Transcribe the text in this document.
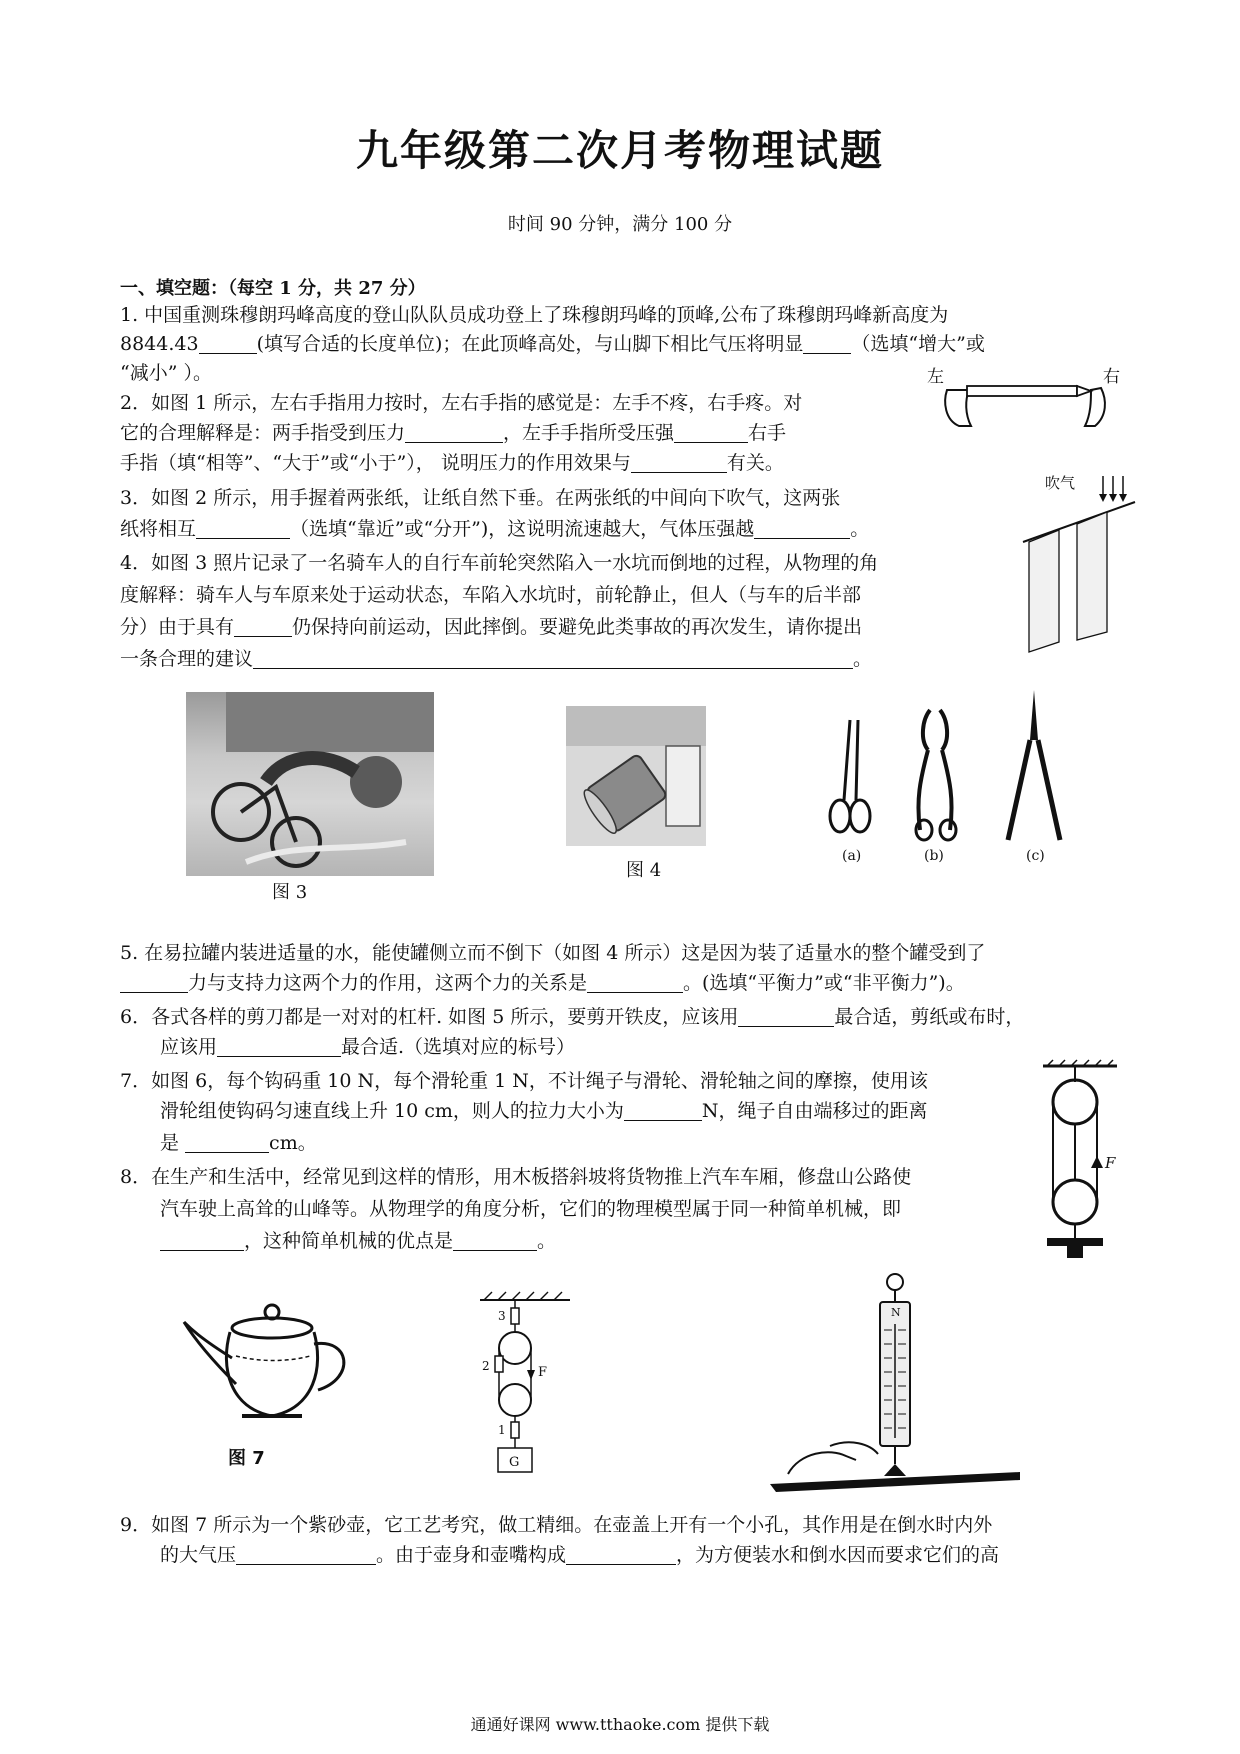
九年级第二次月考物理试题
时间 90 分钟，满分 100 分
一、填空题：（每空 1 分，共 27 分）
1. 中国重测珠穆朗玛峰高度的登山队队员成功登上了珠穆朗玛峰的顶峰,公布了珠穆朗玛峰新高度为
8844.43	(填写合适的长度单位)；在此顶峰高处，与山脚下相比气压将明显	（选填“增大”或
“减小” ）。
2．如图 1 所示，左右手指用力按时，左右手指的感觉是：左手不疼，右手疼。对
它的合理解释是：两手指受到压力	，左手手指所受压强	右手
手指（填“相等”、“大于”或“小于”）， 说明压力的作用效果与	有关。
3．如图 2 所示，用手握着两张纸，让纸自然下垂。在两张纸的中间向下吹气，这两张
纸将相互	（选填“靠近”或“分开”)，这说明流速越大，气体压强越	。
4．如图 3 照片记录了一名骑车人的自行车前轮突然陷入一水坑而倒地的过程，从物理的角
度解释：骑车人与车原来处于运动状态，车陷入水坑时，前轮静止，但人（与车的后半部
分）由于具有	仍保持向前运动，因此摔倒。要避免此类事故的再次发生，请你提出
一条合理的建议	。
左	右
吹气
图 3
图 4
(a)	(b)	(c)
5. 在易拉罐内装进适量的水，能使罐侧立而不倒下（如图 4 所示）这是因为装了适量水的整个罐受到了
力与支持力这两个力的作用，这两个力的关系是	。(选填“平衡力”或“非平衡力”)。
6．各式各样的剪刀都是一对对的杠杆. 如图 5 所示，要剪开铁皮，应该用	最合适，剪纸或布时，
应该用	最合适.（选填对应的标号）
7．如图 6，每个钩码重 10 N，每个滑轮重 1 N，不计绳子与滑轮、滑轮轴之间的摩擦，使用该
滑轮组使钩码匀速直线上升 10 cm，则人的拉力大小为	N，绳子自由端移过的距离
是	cm。
F
8．在生产和生活中，经常见到这样的情形，用木板搭斜坡将货物推上汽车车厢，修盘山公路使
汽车驶上高耸的山峰等。从物理学的角度分析，它们的物理模型属于同一种简单机械，即
，这种简单机械的优点是	。
图 7
3
2	F
1
G
N
9．如图 7 所示为一个紫砂壶，它工艺考究，做工精细。在壶盖上开有一个小孔，其作用是在倒水时内外
的大气压	。由于壶身和壶嘴构成	，为方便装水和倒水因而要求它们的高
通通好课网 www.tthaoke.com 提供下载
